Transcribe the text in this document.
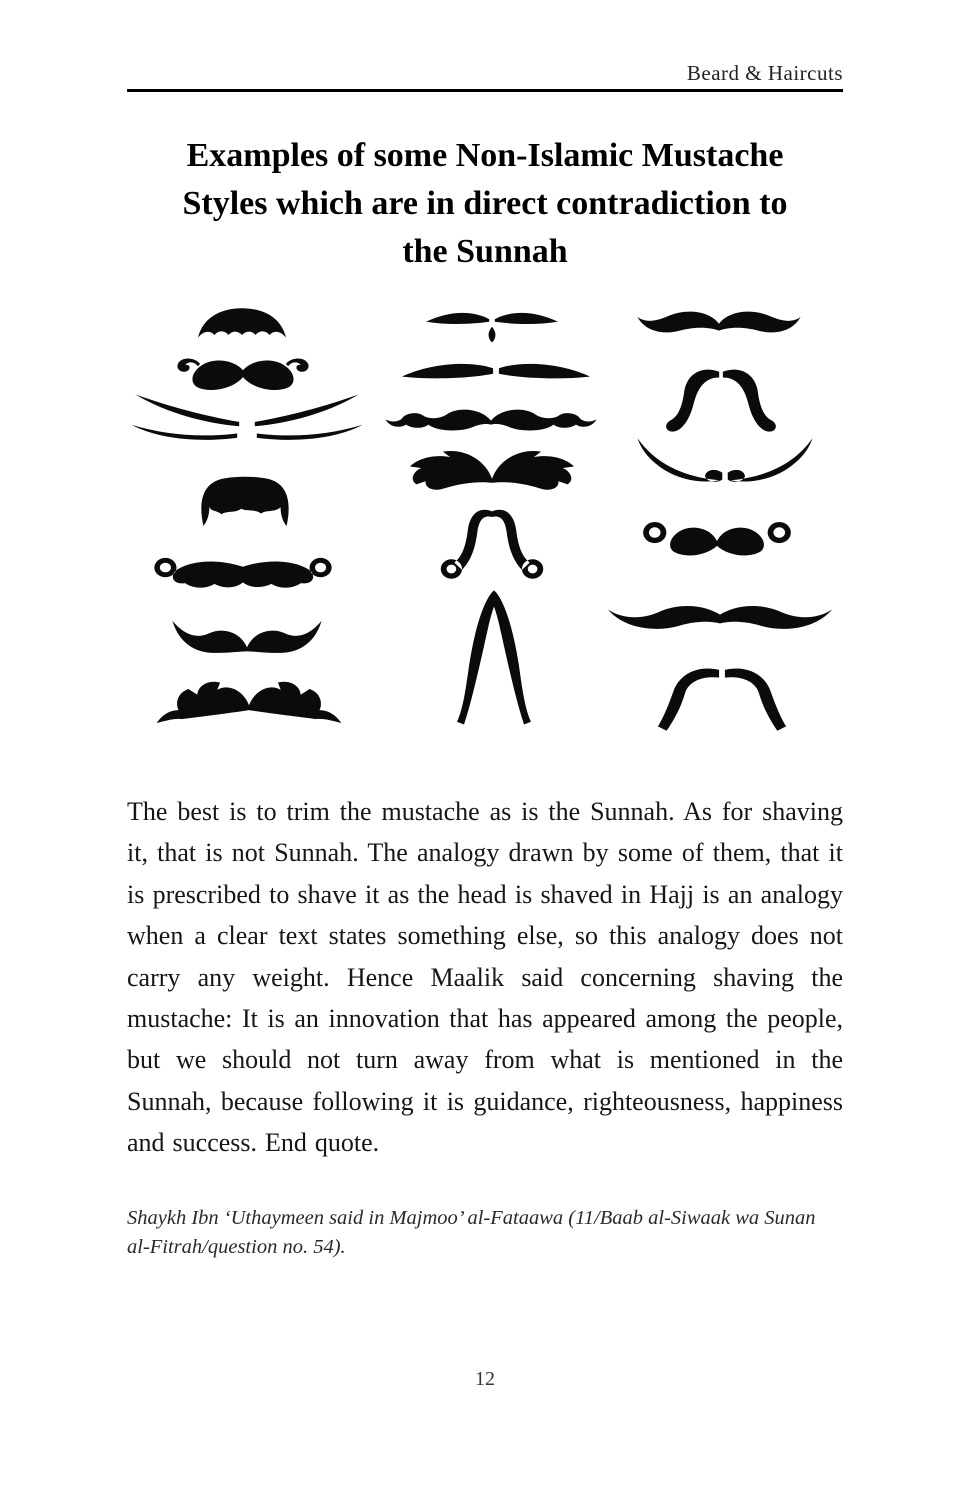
Beard & Haircuts
Examples of some Non-Islamic Mustache
Styles which are in direct contradiction to
the Sunnah

The best is to trim the mustache as is the Sunnah. As for shaving it, that is not Sunnah. The analogy drawn by some of them, that it is prescribed to shave it as the head is shaved in Hajj is an analogy when a clear text states something else, so this analogy does not carry any weight. Hence Maalik said concerning shaving the mustache: It is an innovation that has appeared among the people, but we should not turn away from what is mentioned in the Sunnah, because following it is guidance, righteousness, happiness and success. End quote.

Shaykh Ibn ‘Uthaymeen said in Majmoo’ al-Fataawa (11/Baab al-Siwaak wa Sunan al-Fitrah/question no. 54).

12
